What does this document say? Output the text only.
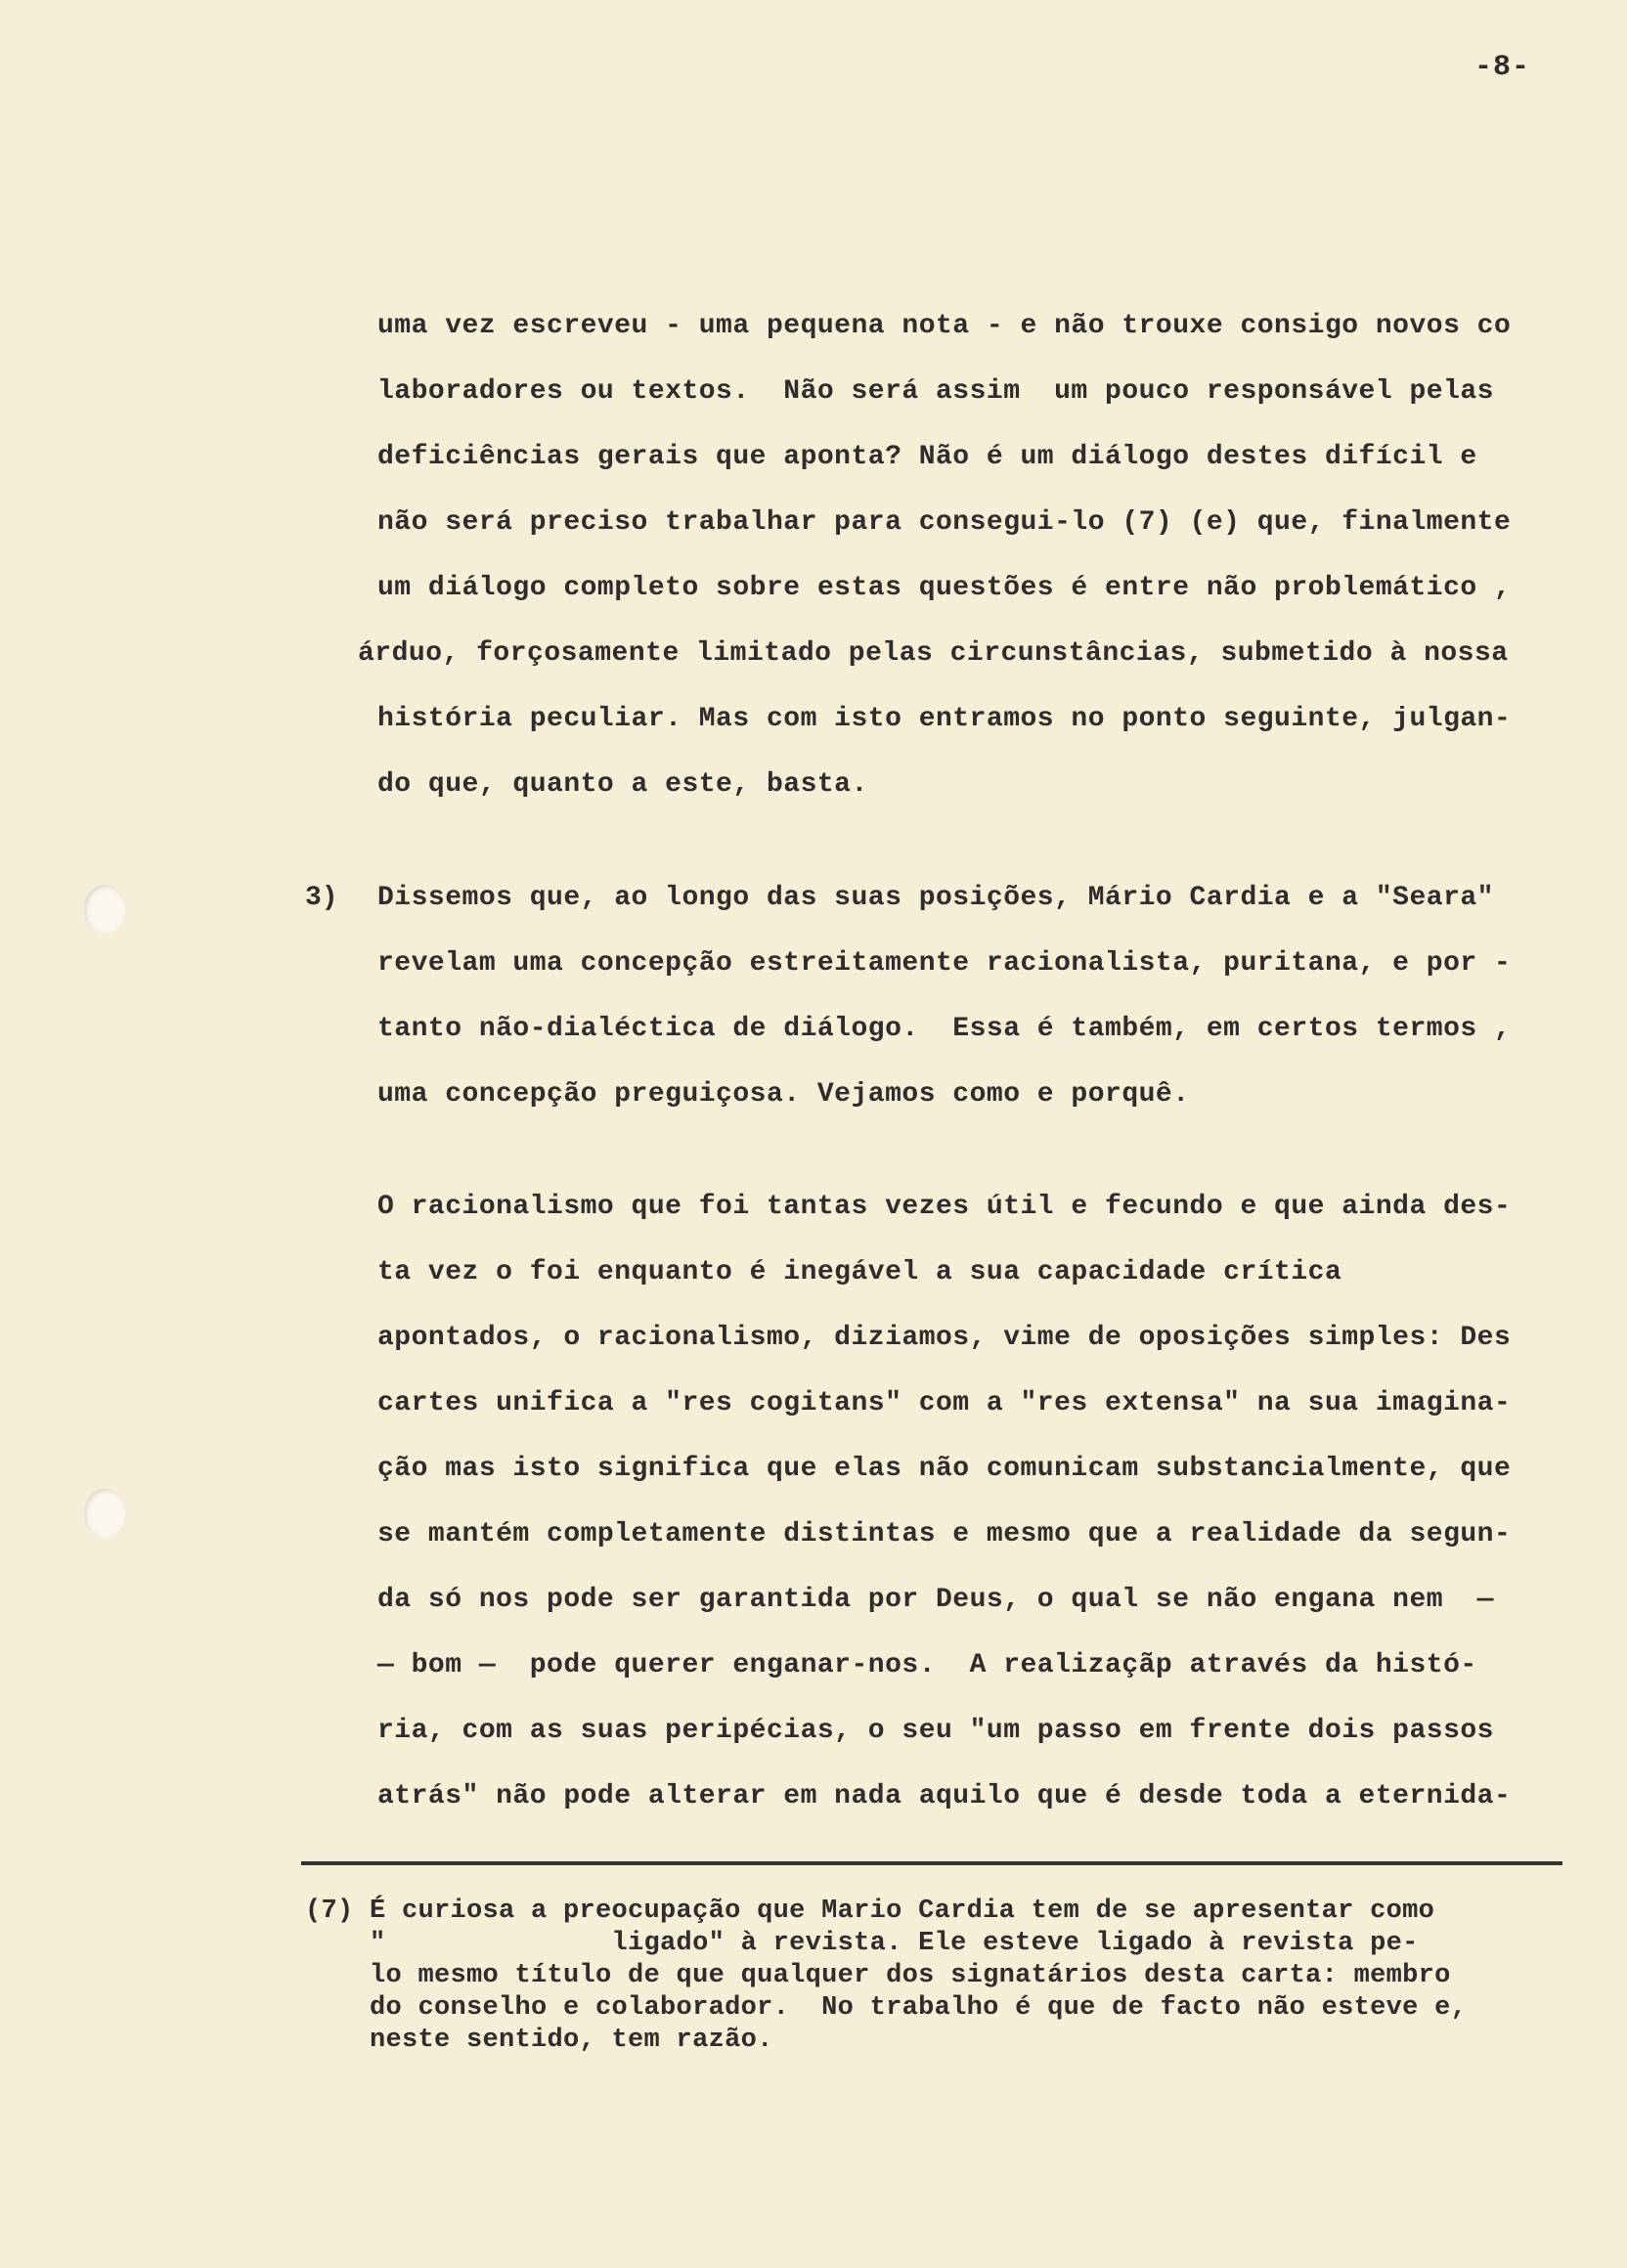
-8-
uma vez escreveu - uma pequena nota - e não trouxe consigo novos co
laboradores ou textos.  Não será assim  um pouco responsável pelas
deficiências gerais que aponta? Não é um diálogo destes difícil e
não será preciso trabalhar para consegui-lo (7) (e) que, finalmente
um diálogo completo sobre estas questões é entre não problemático ,
árduo, forçosamente limitado pelas circunstâncias, submetido à nossa
história peculiar. Mas com isto entramos no ponto seguinte, julgan-
do que, quanto a este, basta.
3) Dissemos que, ao longo das suas posições, Mário Cardia e a "Seara"
revelam uma concepção estreitamente racionalista, puritana, e por -
tanto não-dialéctica de diálogo.  Essa é também, em certos termos ,
uma concepção preguiçosa. Vejamos como e porquê.
O racionalismo que foi tantas vezes útil e fecundo e que ainda des-
ta vez o foi enquanto é inegável a sua capacidade crítica
apontados, o racionalismo, diziamos, vime de oposições simples: Des
cartes unifica a "res cogitans" com a "res extensa" na sua imagina-
ção mas isto significa que elas não comunicam substancialmente, que
se mantém completamente distintas e mesmo que a realidade da segun-
da só nos pode ser garantida por Deus, o qual se não engana nem  —
— bom —  pode querer enganar-nos.  A realizaçãp através da histó-
ria, com as suas peripécias, o seu "um passo em frente dois passos
atrás" não pode alterar em nada aquilo que é desde toda a eternida-
(7) É curiosa a preocupação que Mario Cardia tem de se apresentar como
"              ligado" à revista. Ele esteve ligado à revista pe-
lo mesmo título de que qualquer dos signatários desta carta: membro
do conselho e colaborador.  No trabalho é que de facto não esteve e,
neste sentido, tem razão.
